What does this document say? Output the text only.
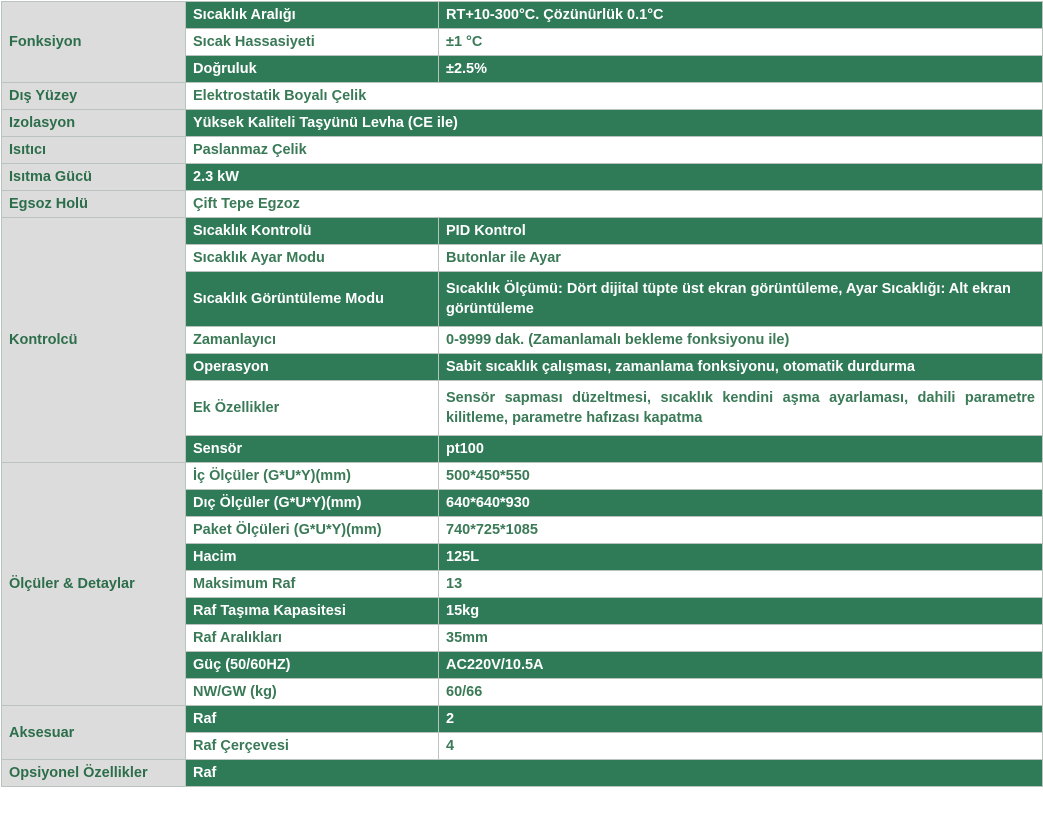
Fonksiyon	Sıcaklık Aralığı	RT+10-300°C. Çözünürlük 0.1°C
	Sıcak Hassasiyeti	±1 °C
	Doğruluk	±2.5%
Dış Yüzey	Elektrostatik Boyalı Çelik	
Izolasyon	Yüksek Kaliteli Taşyünü Levha (CE ile)	
Isıtıcı	Paslanmaz Çelik	
Isıtma Gücü	2.3 kW	
Egsoz Holü	Çift Tepe Egzoz	
Kontrolcü	Sıcaklık Kontrolü	PID Kontrol
	Sıcaklık Ayar Modu	Butonlar ile Ayar
	Sıcaklık Görüntüleme Modu	Sıcaklık Ölçümü: Dört dijital tüpte üst ekran görüntüleme, Ayar Sıcaklığı: Alt ekran görüntüleme
	Zamanlayıcı	0-9999 dak. (Zamanlamalı bekleme fonksiyonu ile)
	Operasyon	Sabit sıcaklık çalışması, zamanlama fonksiyonu, otomatik durdurma
	Ek Özellikler	Sensör sapması düzeltmesi, sıcaklık kendini aşma ayarlaması, dahili parametre kilitleme, parametre hafızası kapatma
	Sensör	pt100
Ölçüler & Detaylar	İç Ölçüler (G*U*Y)(mm)	500*450*550
	Dıç Ölçüler (G*U*Y)(mm)	640*640*930
	Paket Ölçüleri (G*U*Y)(mm)	740*725*1085
	Hacim	125L
	Maksimum Raf	13
	Raf Taşıma Kapasitesi	15kg
	Raf Aralıkları	35mm
	Güç (50/60HZ)	AC220V/10.5A
	NW/GW (kg)	60/66
Aksesuar	Raf	2
	Raf Çerçevesi	4
Opsiyonel Özellikler	Raf	
